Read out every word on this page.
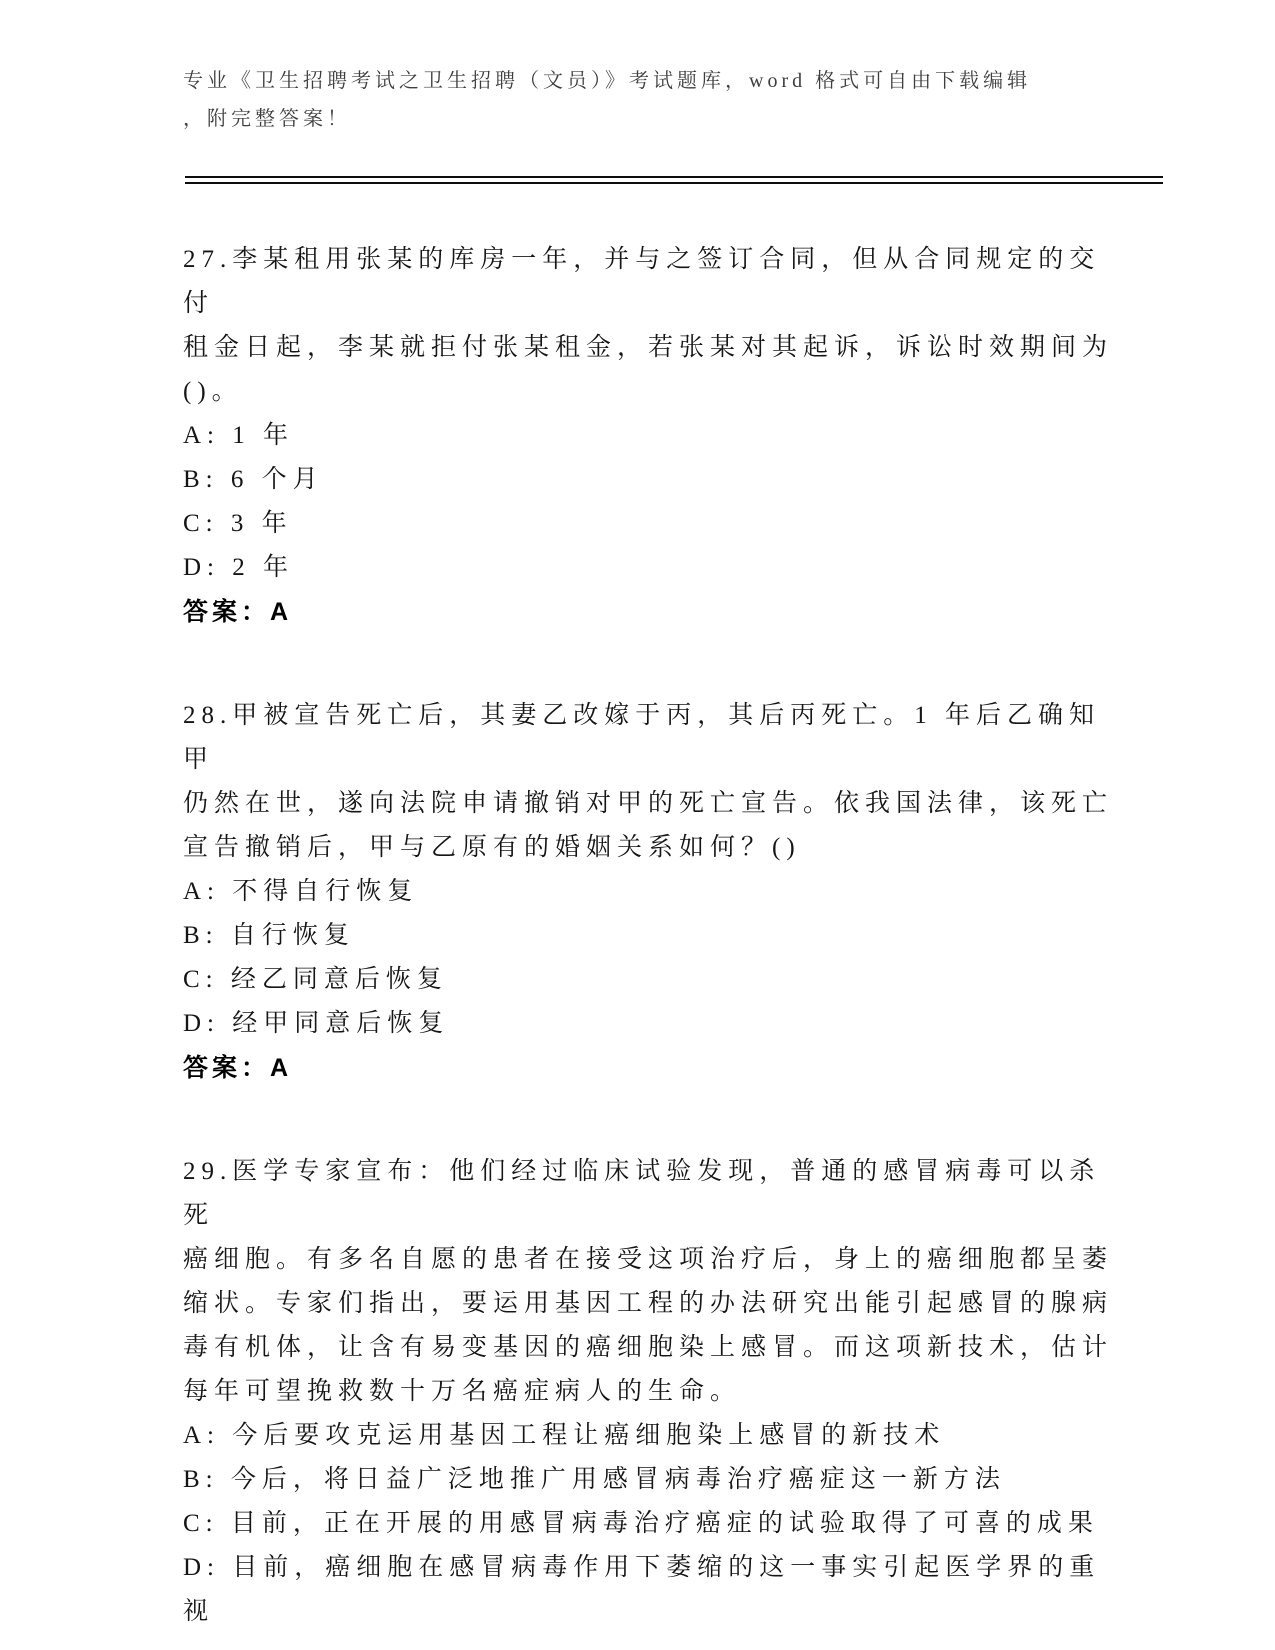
专业《卫生招聘考试之卫生招聘（文员）》考试题库，word 格式可自由下载编辑

，附完整答案！

27.李某租用张某的库房一年，并与之签订合同，但从合同规定的交付

租金日起，李某就拒付张某租金，若张某对其起诉，诉讼时效期间为

()。

A: 1 年

B: 6 个月

C: 3 年

D: 2 年

答案：A

28.甲被宣告死亡后，其妻乙改嫁于丙，其后丙死亡。1 年后乙确知甲

仍然在世，遂向法院申请撤销对甲的死亡宣告。依我国法律，该死亡

宣告撤销后，甲与乙原有的婚姻关系如何？()

A: 不得自行恢复

B: 自行恢复

C: 经乙同意后恢复

D: 经甲同意后恢复

答案：A

29.医学专家宣布：他们经过临床试验发现，普通的感冒病毒可以杀死

癌细胞。有多名自愿的患者在接受这项治疗后，身上的癌细胞都呈萎

缩状。专家们指出，要运用基因工程的办法研究出能引起感冒的腺病

毒有机体，让含有易变基因的癌细胞染上感冒。而这项新技术，估计

每年可望挽救数十万名癌症病人的生命。

A: 今后要攻克运用基因工程让癌细胞染上感冒的新技术

B: 今后，将日益广泛地推广用感冒病毒治疗癌症这一新方法

C: 目前，正在开展的用感冒病毒治疗癌症的试验取得了可喜的成果

D: 目前，癌细胞在感冒病毒作用下萎缩的这一事实引起医学界的重视
